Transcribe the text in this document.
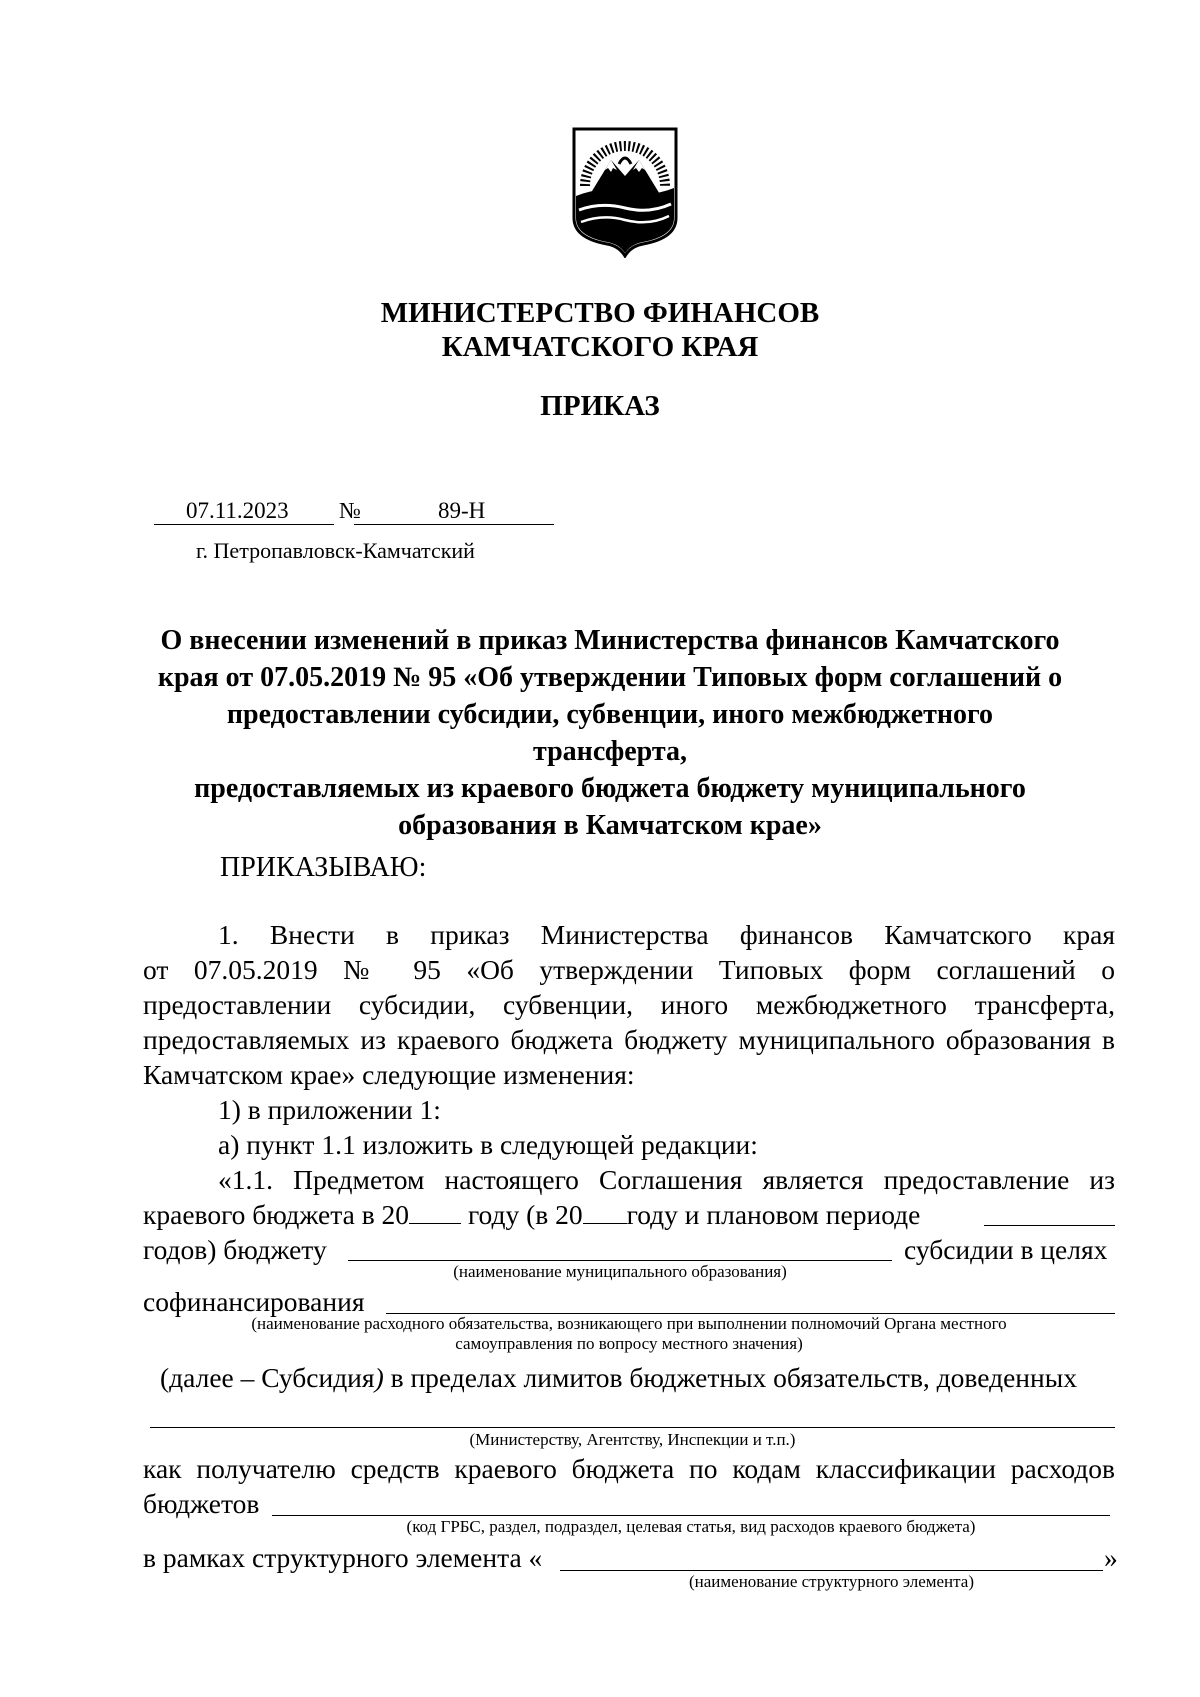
МИНИСТЕРСТВО ФИНАНСОВ
КАМЧАТСКОГО КРАЯ
ПРИКАЗ
07.11.2023 №	89-Н
г. Петропавловск-Камчатский
О внесении изменений в приказ Министерства финансов Камчатского
края от 07.05.2019 № 95 «Об утверждении Типовых форм соглашений о
предоставлении субсидии, субвенции, иного межбюджетного трансферта,
предоставляемых из краевого бюджета бюджету муниципального
образования в Камчатском крае»
ПРИКАЗЫВАЮ:
1. Внести в приказ Министерства финансов Камчатского края
от 07.05.2019 № 95 «Об утверждении Типовых форм соглашений о
предоставлении субсидии, субвенции, иного межбюджетного трансферта,
предоставляемых из краевого бюджета бюджету муниципального образования в
Камчатском крае» следующие изменения:
1) в приложении 1:
а) пункт 1.1 изложить в следующей редакции:
«1.1. Предметом настоящего Соглашения является предоставление из
краевого бюджета в 20 году (в 20 году и плановом периоде
годов) бюджету	субсидии в целях
(наименование муниципального образования)
софинансирования
(наименование расходного обязательства, возникающего при выполнении полномочий Органа местного
самоуправления по вопросу местного значения)
(далее – Субсидия) в пределах лимитов бюджетных обязательств, доведенных
(Министерству, Агентству, Инспекции и т.п.)
как получателю средств краевого бюджета по кодам классификации расходов
бюджетов
(код ГРБС, раздел, подраздел, целевая статья, вид расходов краевого бюджета)
в рамках структурного элемента «	»
(наименование структурного элемента)
